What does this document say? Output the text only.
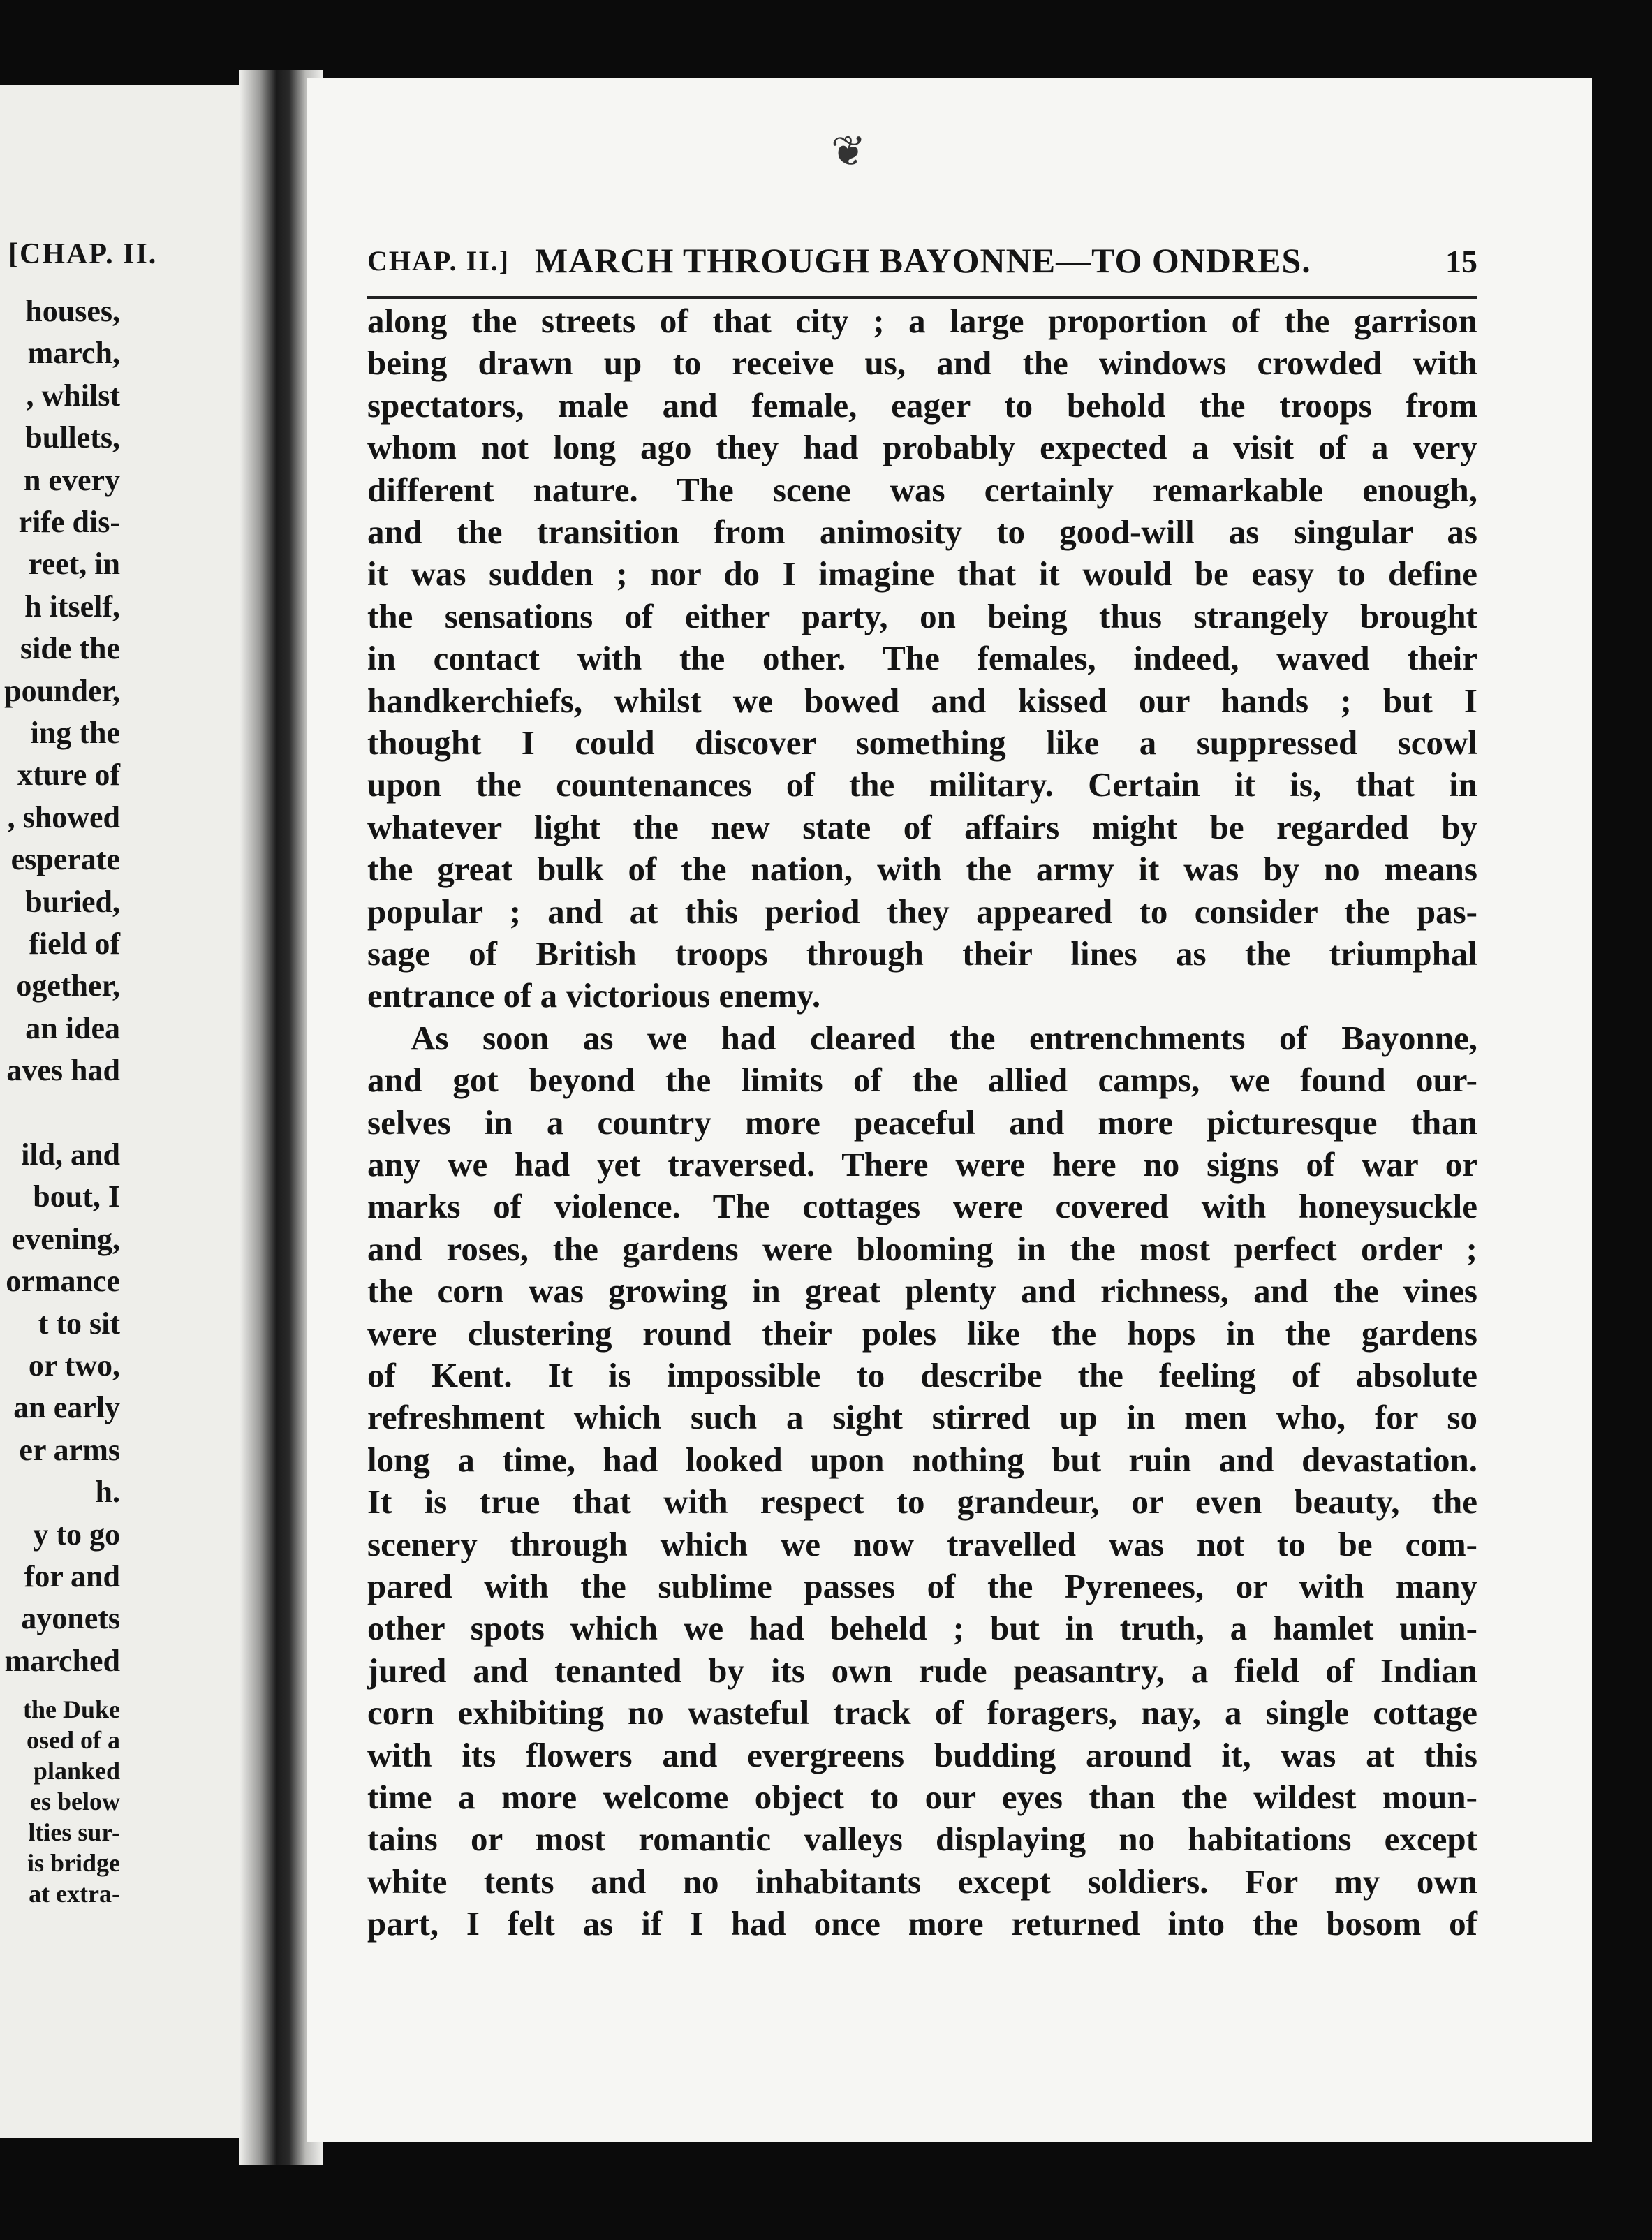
[CHAP. II.
houses,
march,
, whilst
bullets,
n every
rife dis-
reet, in
h itself,
side the
pounder,
ing the
xture of
, showed
esperate
buried,
field of
ogether,
an idea
aves had
ild, and
bout, I
evening,
ormance
t to sit
or two,
an early
er arms
h.
y to go
for and
ayonets
marched
the Duke
osed of a
planked
es below
lties sur-
is bridge
at extra-
❦
CHAP. II.] MARCH THROUGH BAYONNE—TO ONDRES.	15
along the streets of that city ; a large proportion of the garrison
being drawn up to receive us, and the windows crowded with
spectators, male and female, eager to behold the troops from
whom not long ago they had probably expected a visit of a very
different nature. The scene was certainly remarkable enough,
and the transition from animosity to good-will as singular as
it was sudden ; nor do I imagine that it would be easy to define
the sensations of either party, on being thus strangely brought
in contact with the other. The females, indeed, waved their
handkerchiefs, whilst we bowed and kissed our hands ; but I
thought I could discover something like a suppressed scowl
upon the countenances of the military. Certain it is, that in
whatever light the new state of affairs might be regarded by
the great bulk of the nation, with the army it was by no means
popular ; and at this period they appeared to consider the pas-
sage of British troops through their lines as the triumphal
entrance of a victorious enemy.
As soon as we had cleared the entrenchments of Bayonne,
and got beyond the limits of the allied camps, we found our-
selves in a country more peaceful and more picturesque than
any we had yet traversed. There were here no signs of war or
marks of violence. The cottages were covered with honeysuckle
and roses, the gardens were blooming in the most perfect order ;
the corn was growing in great plenty and richness, and the vines
were clustering round their poles like the hops in the gardens
of Kent. It is impossible to describe the feeling of absolute
refreshment which such a sight stirred up in men who, for so
long a time, had looked upon nothing but ruin and devastation.
It is true that with respect to grandeur, or even beauty, the
scenery through which we now travelled was not to be com-
pared with the sublime passes of the Pyrenees, or with many
other spots which we had beheld ; but in truth, a hamlet unin-
jured and tenanted by its own rude peasantry, a field of Indian
corn exhibiting no wasteful track of foragers, nay, a single cottage
with its flowers and evergreens budding around it, was at this
time a more welcome object to our eyes than the wildest moun-
tains or most romantic valleys displaying no habitations except
white tents and no inhabitants except soldiers. For my own
part, I felt as if I had once more returned into the bosom of
